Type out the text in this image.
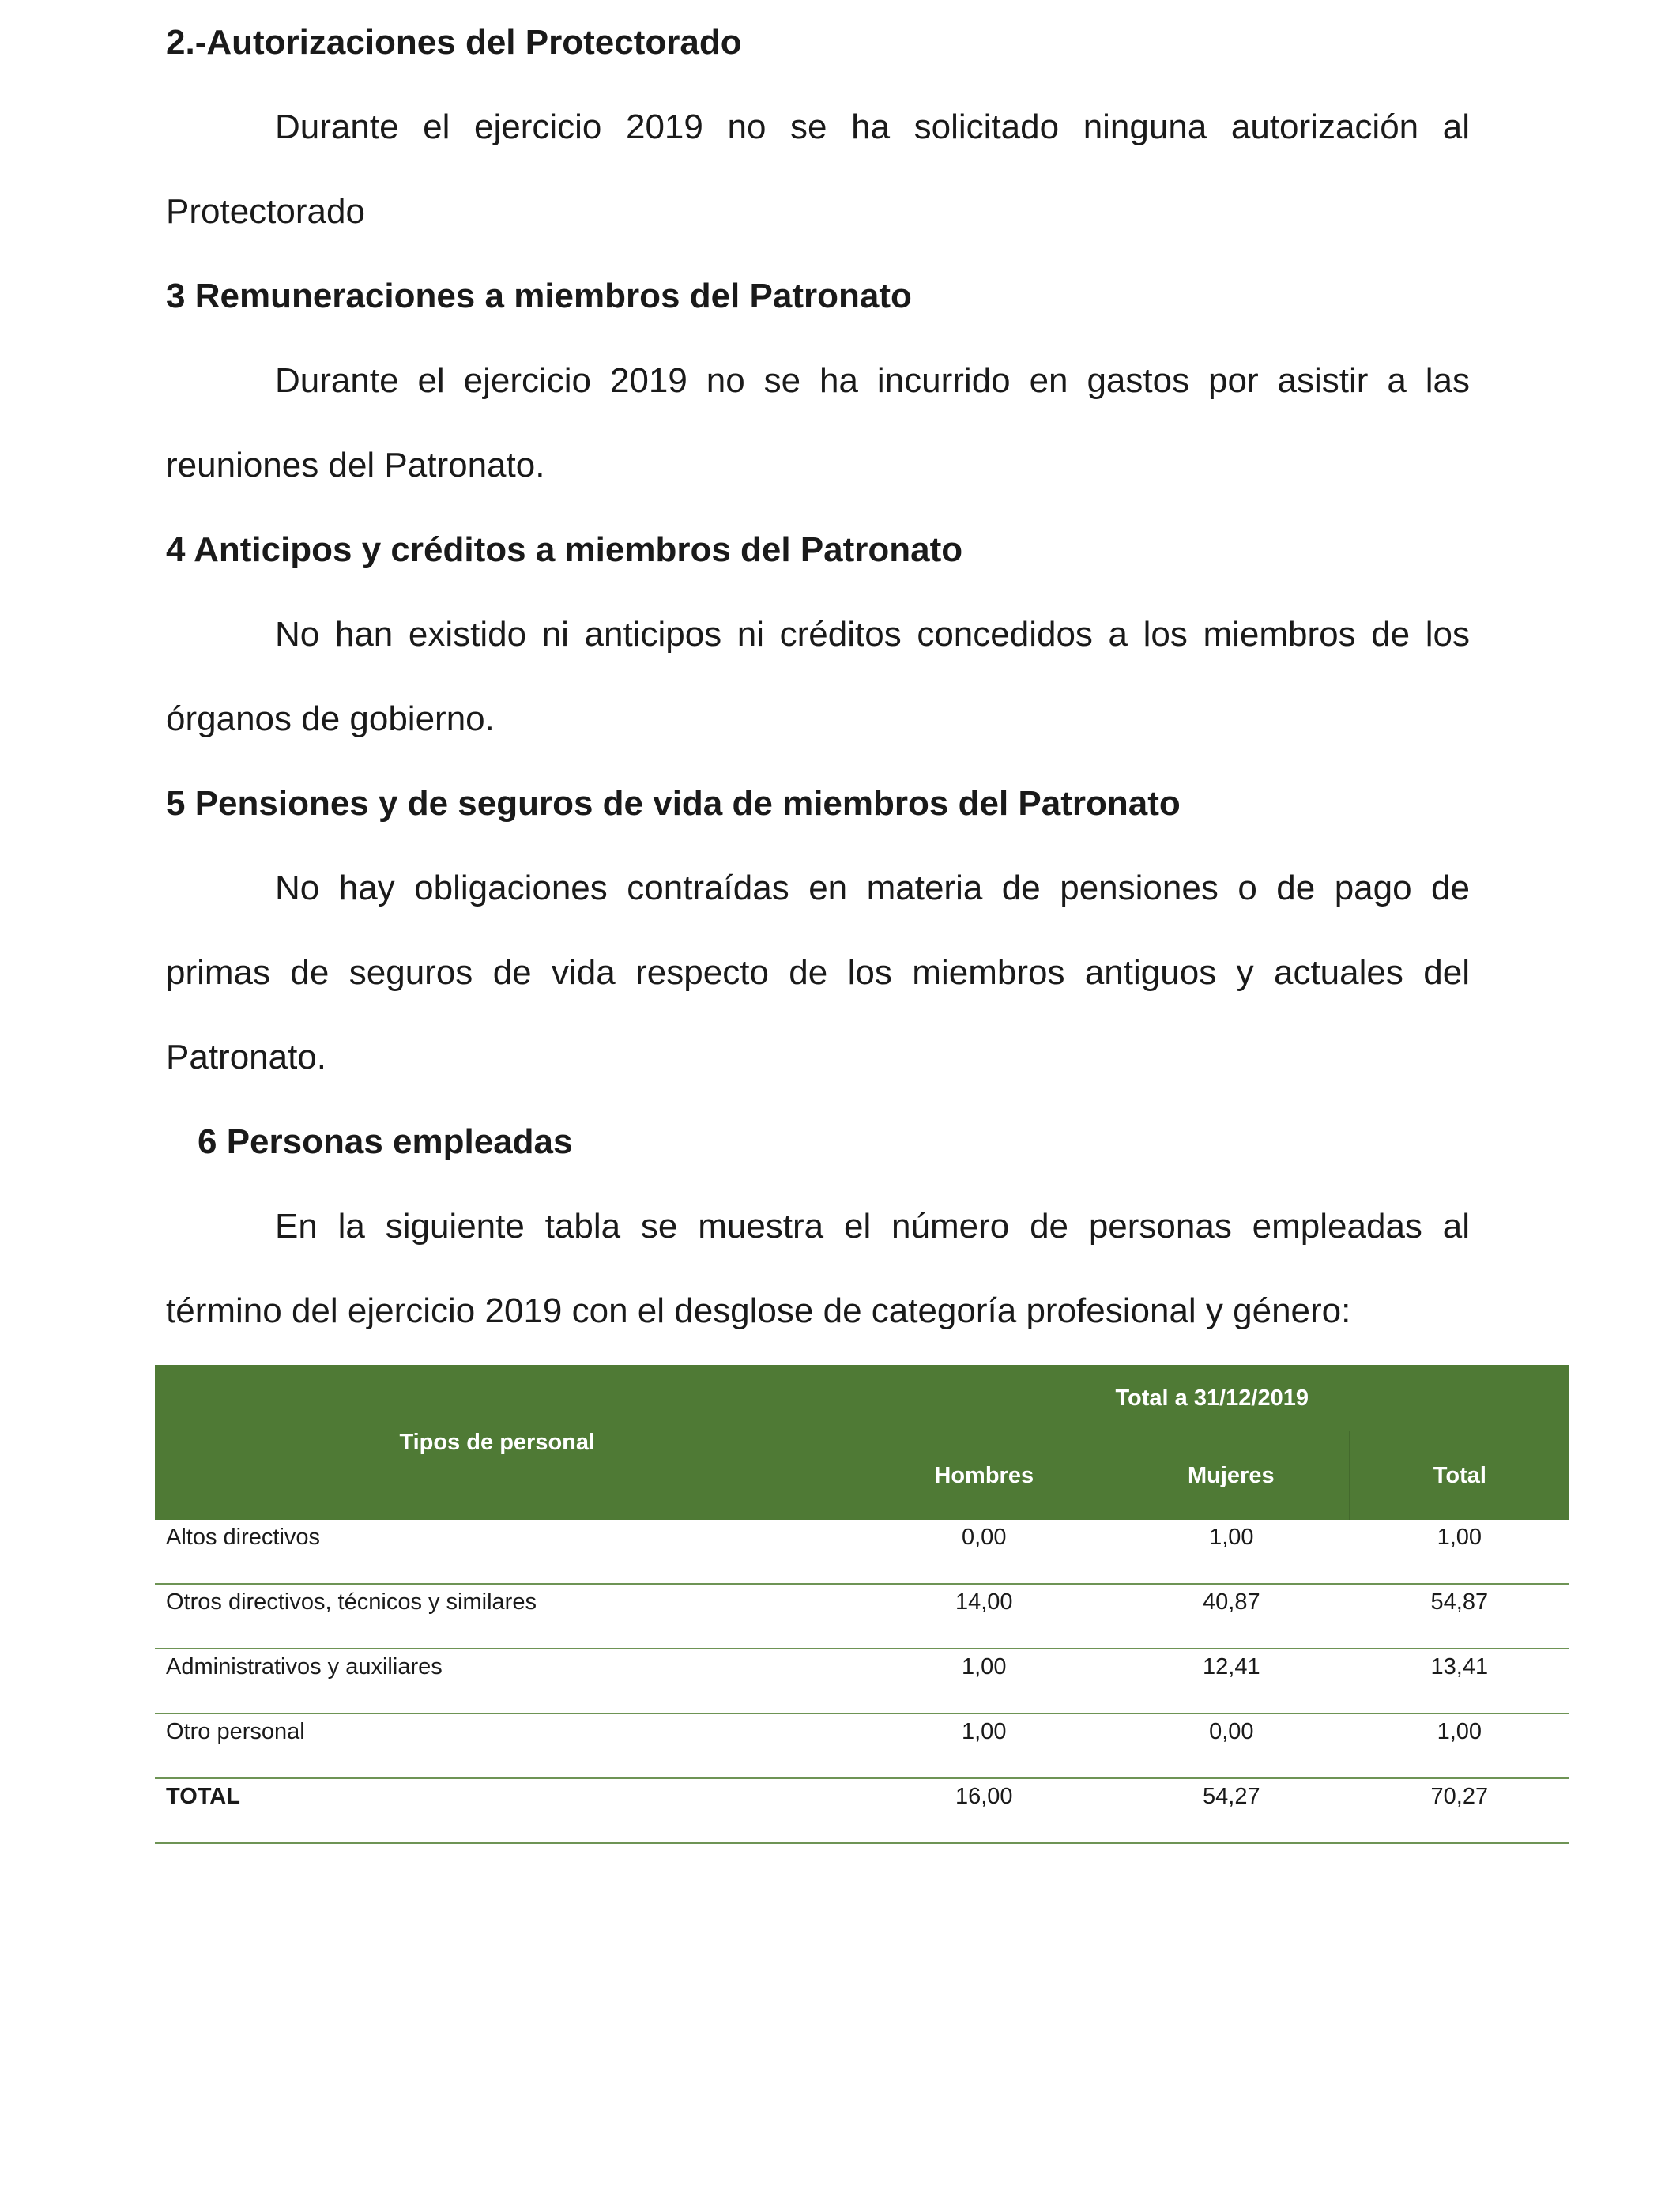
2.-Autorizaciones del Protectorado

Durante el ejercicio 2019 no se ha solicitado ninguna autorización al Protectorado

3 Remuneraciones a miembros del Patronato

Durante el ejercicio 2019 no se ha incurrido en gastos por asistir a las reuniones del Patronato.

4 Anticipos y créditos a miembros del Patronato

No han existido ni anticipos ni créditos concedidos a los miembros de los órganos de gobierno.

5 Pensiones y de seguros de vida de miembros del Patronato

No hay obligaciones contraídas en materia de pensiones o de pago de primas de seguros de vida respecto de los miembros antiguos y actuales del Patronato.

6 Personas empleadas

En la siguiente tabla se muestra el número de personas empleadas al término del ejercicio 2019 con el desglose de categoría profesional y género:

Tipos de personal	Total a 31/12/2019		
	Hombres	Mujeres	Total
Altos directivos	0,00	1,00	1,00
Otros directivos, técnicos y similares	14,00	40,87	54,87
Administrativos y auxiliares	1,00	12,41	13,41
Otro personal	1,00	0,00	1,00
TOTAL	16,00	54,27	70,27
